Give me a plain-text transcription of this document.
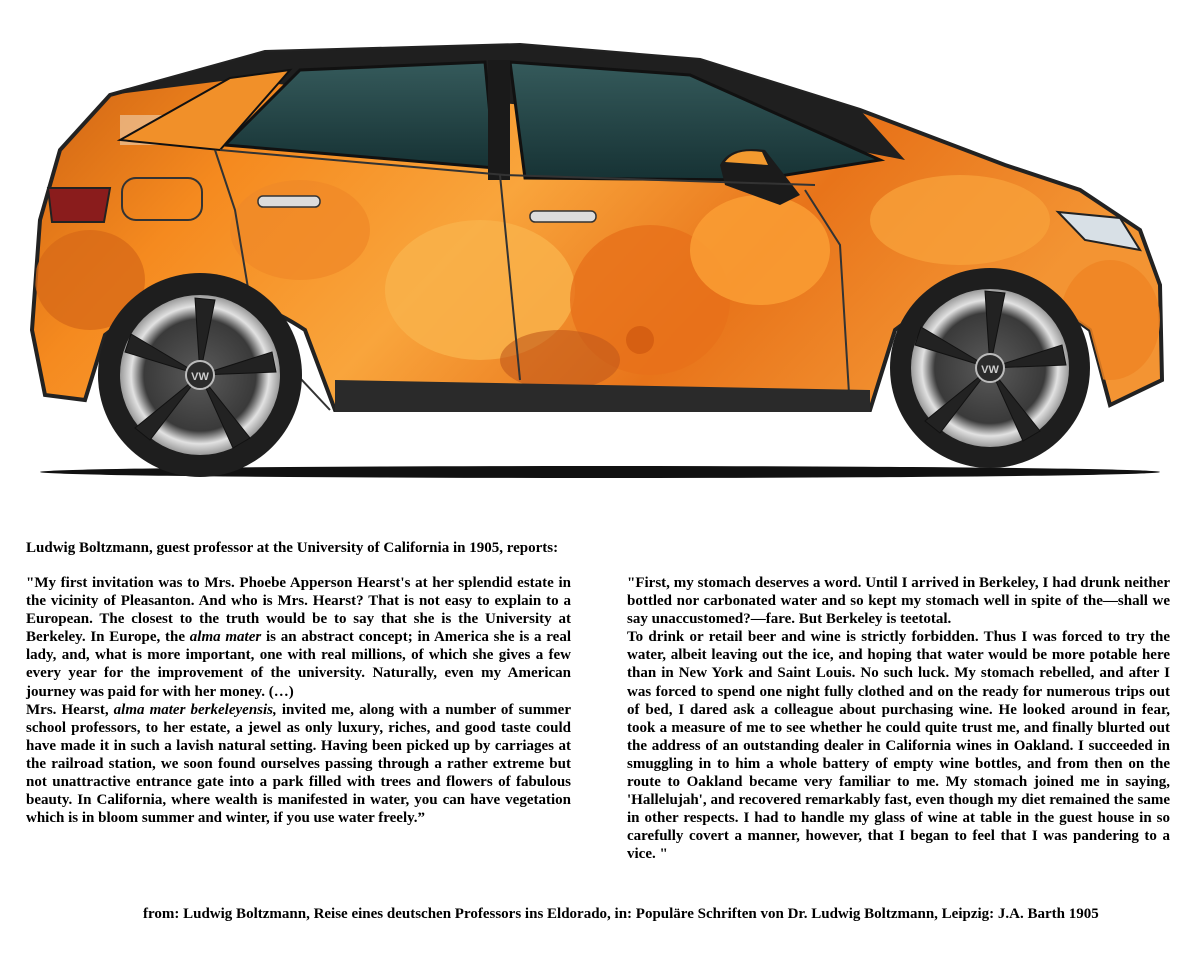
VW
VW
Ludwig Boltzmann, guest professor at the University of California in 1905, reports:

"My first invitation was to Mrs. Phoebe Apperson Hearst's at her splendid estate in the vicinity of Pleasanton. And who is Mrs. Hearst? That is not easy to explain to a European. The closest to the truth would be to say that she is the University at Berkeley. In Europe, the alma mater is an abstract concept; in America she is a real lady, and, what is more important, one with real millions, of which she gives a few every year for the improvement of the university. Naturally, even my American journey was paid for with her money. (…)

Mrs. Hearst, alma mater berkeleyensis, invited me, along with a number of summer school professors, to her estate, a jewel as only luxury, riches, and good taste could have made it in such a lavish natural setting. Having been picked up by carriages at the railroad station, we soon found ourselves passing through a rather extreme but not unattractive entrance gate into a park filled with trees and flowers of fabulous beauty. In California, where wealth is manifested in water, you can have vegetation which is in bloom summer and winter, if you use water freely.”

"First, my stomach deserves a word. Until I arrived in Berkeley, I had drunk neither bottled nor carbonated water and so kept my stomach well in spite of the—shall we say unaccustomed?—fare. But Berkeley is teetotal.

To drink or retail beer and wine is strictly forbidden. Thus I was forced to try the water, albeit leaving out the ice, and hoping that water would be more potable here than in New York and Saint Louis. No such luck. My stomach rebelled, and after I was forced to spend one night fully clothed and on the ready for numerous trips out of bed, I dared ask a colleague about purchasing wine. He looked around in fear, took a measure of me to see whether he could quite trust me, and finally blurted out the address of an outstanding dealer in California wines in Oakland. I succeeded in smuggling in to him a whole battery of empty wine bottles, and from then on the route to Oakland became very familiar to me. My stomach joined me in saying, 'Hallelujah', and recovered remarkably fast, even though my diet remained the same in other respects. I had to handle my glass of wine at table in the guest house in so carefully covert a manner, however, that I began to feel that I was pandering to a vice. "

from: Ludwig Boltzmann, Reise eines deutschen Professors ins Eldorado, in: Populäre Schriften von Dr. Ludwig Boltzmann, Leipzig: J.A. Barth 1905
